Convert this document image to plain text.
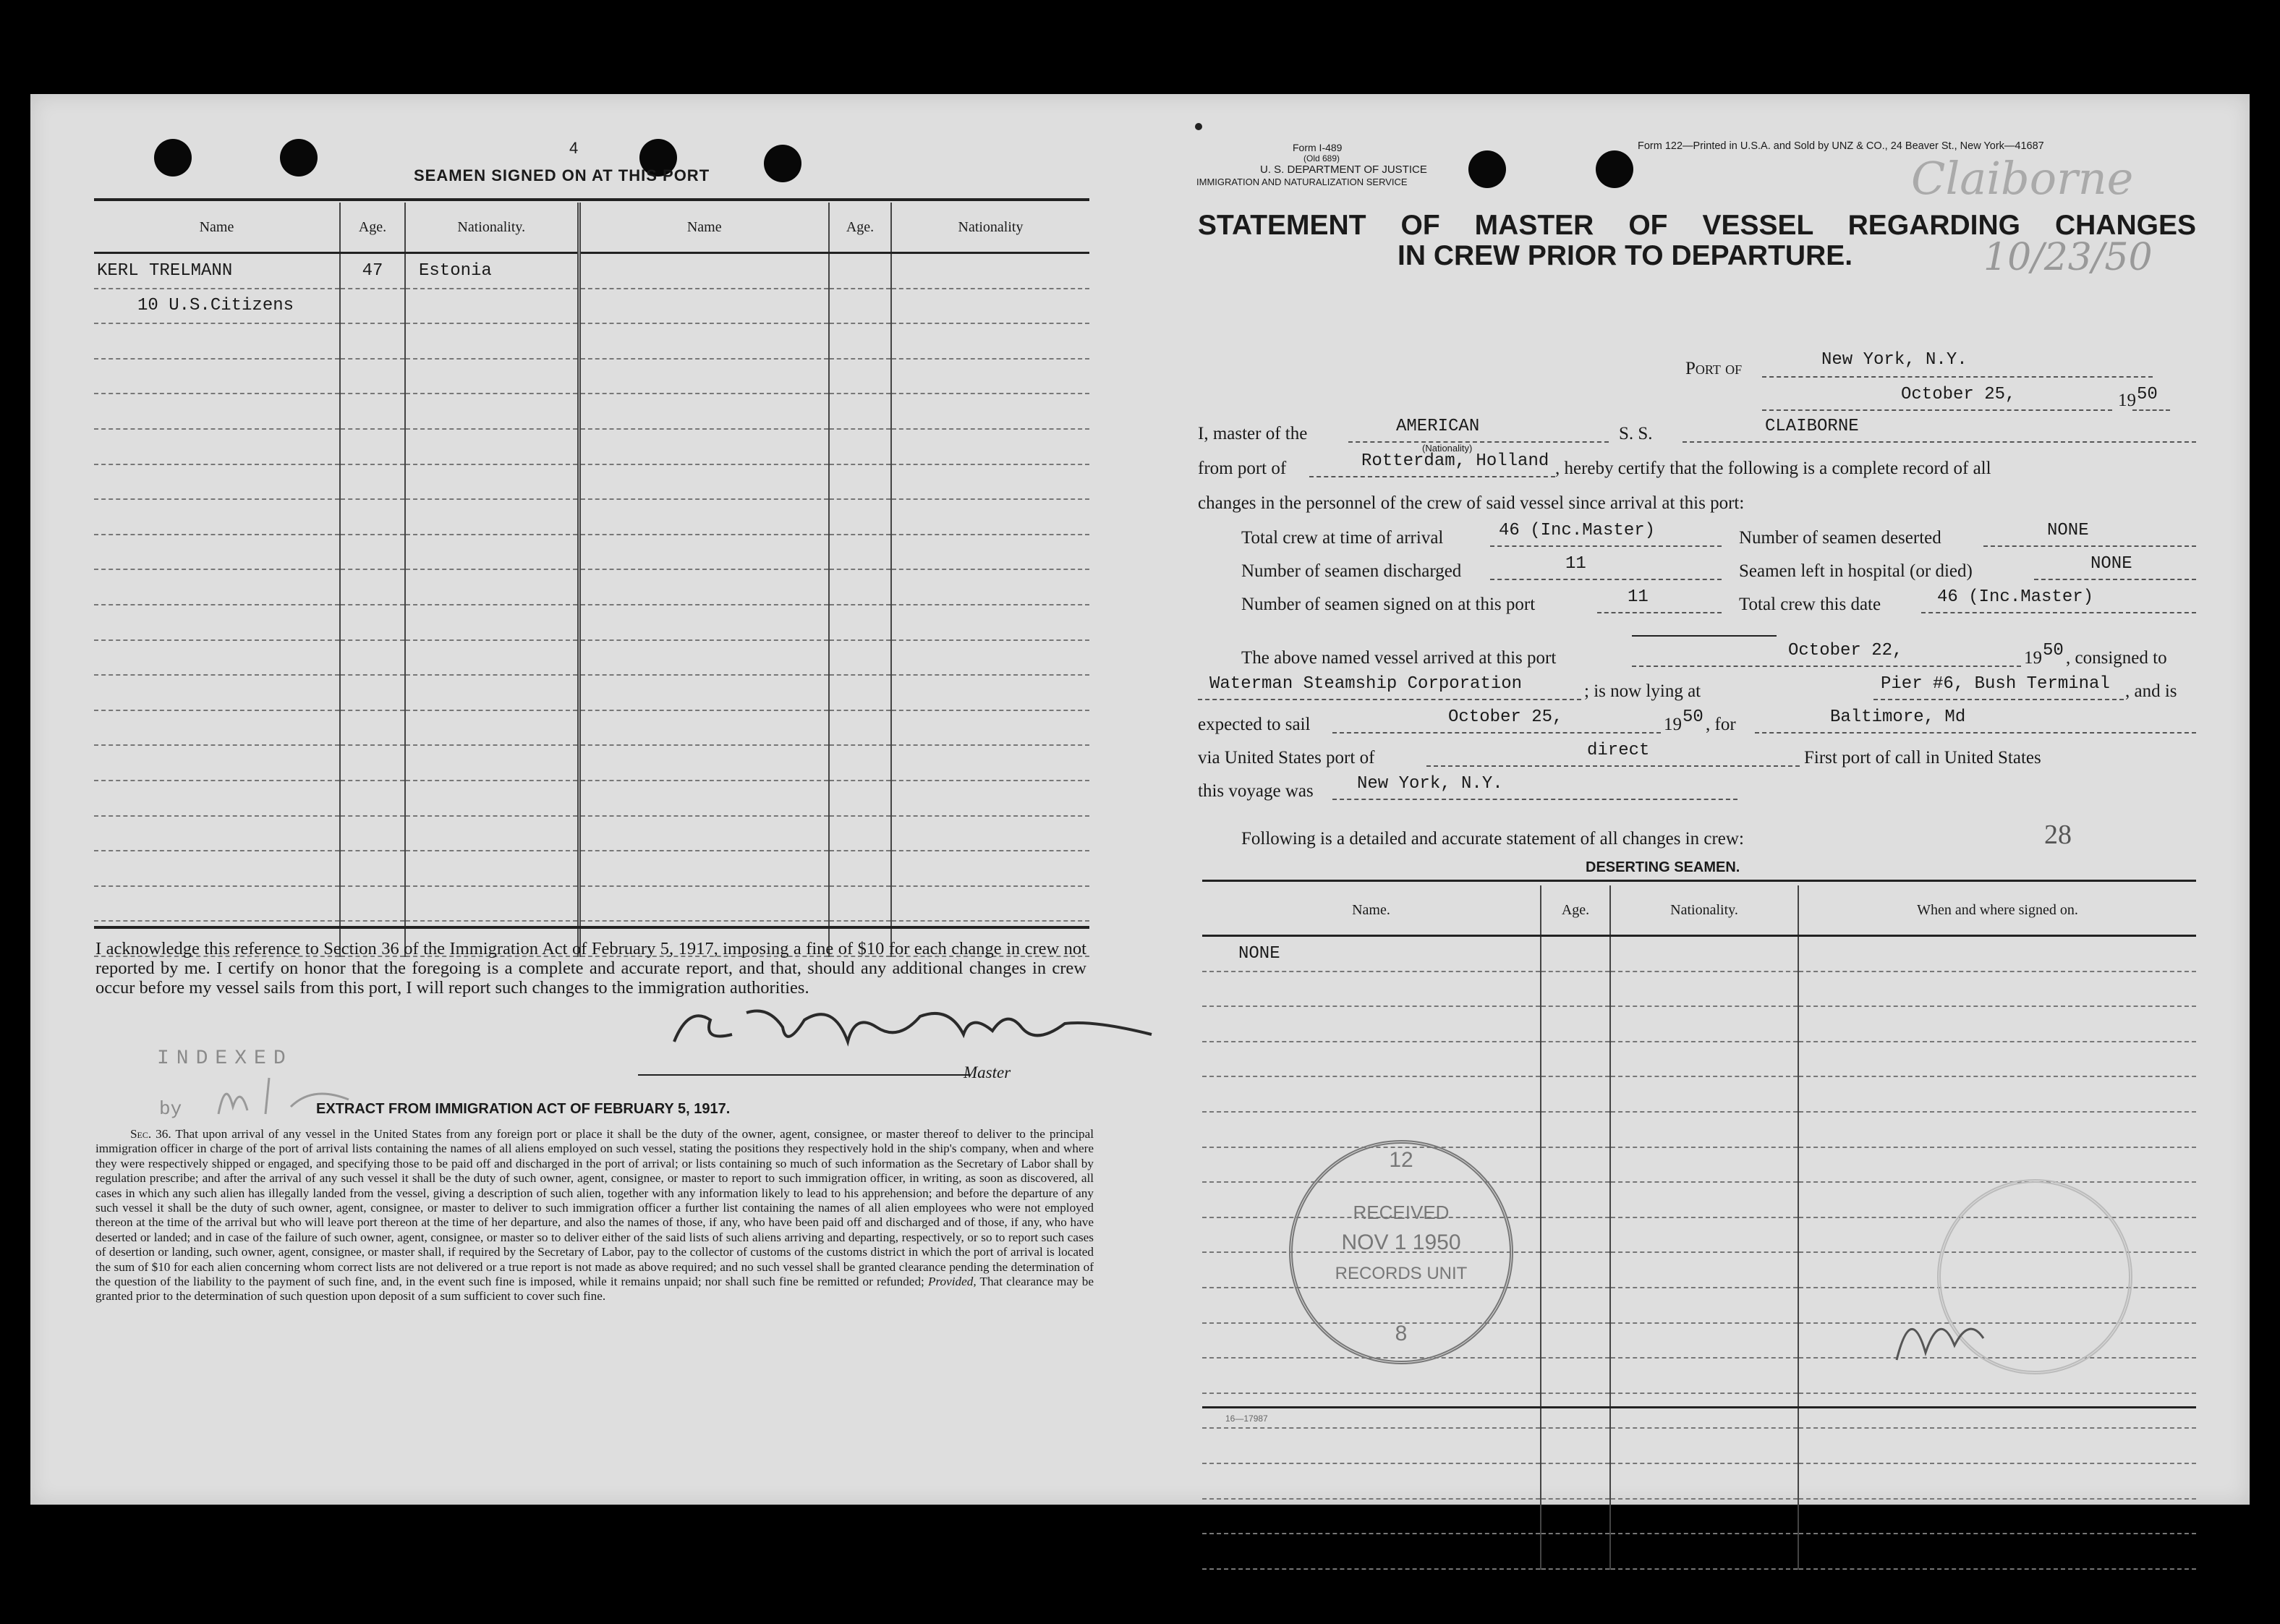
4
SEAMEN SIGNED ON AT THIS PORT
Name	Age.	Nationality.	Name	Age.	Nationality
KERL TRELMANN	47	Estonia			
10 U.S.Citizens					

I acknowledge this reference to Section 36 of the Immigration Act of February 5, 1917, imposing a fine of $10 for each change in crew not reported by me. I certify on honor that the foregoing is a complete and accurate report, and that, should any additional changes in crew occur before my vessel sails from this port, I will report such changes to the immigration authorities.
Master
INDEXED
by	EXTRACT FROM IMMIGRATION ACT OF FEBRUARY 5, 1917.
Sec. 36. That upon arrival of any vessel in the United States from any foreign port or place it shall be the duty of the owner, agent, consignee, or master thereof to deliver to the principal immigration officer in charge of the port of arrival lists containing the names of all aliens employed on such vessel, stating the positions they respectively hold in the ship's company, when and where they were respectively shipped or engaged, and specifying those to be paid off and discharged in the port of arrival; or lists containing so much of such information as the Secretary of Labor shall by regulation prescribe; and after the arrival of any such vessel it shall be the duty of such owner, agent, consignee, or master to report to such immigration officer, in writing, as soon as discovered, all cases in which any such alien has illegally landed from the vessel, giving a description of such alien, together with any information likely to lead to his apprehension; and before the departure of any such vessel it shall be the duty of such owner, agent, consignee, or master to deliver to such immigration officer a further list containing the names of all alien employees who were not employed thereon at the time of the arrival but who will leave port thereon at the time of her departure, and also the names of those, if any, who have been paid off and discharged and of those, if any, who have deserted or landed; and in case of the failure of such owner, agent, consignee, or master so to deliver either of the said lists of such aliens arriving and departing, respectively, or so to report such cases of desertion or landing, such owner, agent, consignee, or master shall, if required by the Secretary of Labor, pay to the collector of customs of the customs district in which the port of arrival is located the sum of $10 for each alien concerning whom correct lists are not delivered or a true report is not made as above required; and no such vessel shall be granted clearance pending the determination of the question of the liability to the payment of such fine, and, in the event such fine is imposed, while it remains unpaid; nor shall such fine be remitted or refunded; Provided, That clearance may be granted prior to the determination of such question upon deposit of a sum sufficient to cover such fine.
Form I-489
(Old 689)
U. S. DEPARTMENT OF JUSTICE
IMMIGRATION AND NATURALIZATION SERVICE
Form 122—Printed in U.S.A. and Sold by UNZ & CO., 24 Beaver St., New York—41687
STATEMENT OF MASTER OF VESSEL REGARDING CHANGES
IN CREW PRIOR TO DEPARTURE.
Claiborne
10/23/50
Port of	New York, N.Y.
October 25,	19 50
I, master of the	AMERICAN
(Nationality)
S. S.	CLAIBORNE
from port of	Rotterdam, Holland , hereby certify that the following is a complete record of all
changes in the personnel of the crew of said vessel since arrival at this port:
Total crew at time of arrival	46 (Inc.Master)	Number of seamen deserted	NONE
Number of seamen discharged	11	Seamen left in hospital (or died)	NONE
Number of seamen signed on at this port	11	Total crew this date	46 (Inc.Master)
The above named vessel arrived at this port	October 22,	19 50 , consigned to
Waterman Steamship Corporation	; is now lying at	Pier #6, Bush Terminal , and is
expected to sail	October 25,	19 50 , for	Baltimore, Md
via United States port of	direct	First port of call in United States
this voyage was	New York, N.Y.
Following is a detailed and accurate statement of all changes in crew:	28
DESERTING SEAMEN.
Name.	Age.	Nationality.	When and where signed on.
NONE			

16—17987
12
RECEIVED
NOV 1 1950
RECORDS UNIT
8
